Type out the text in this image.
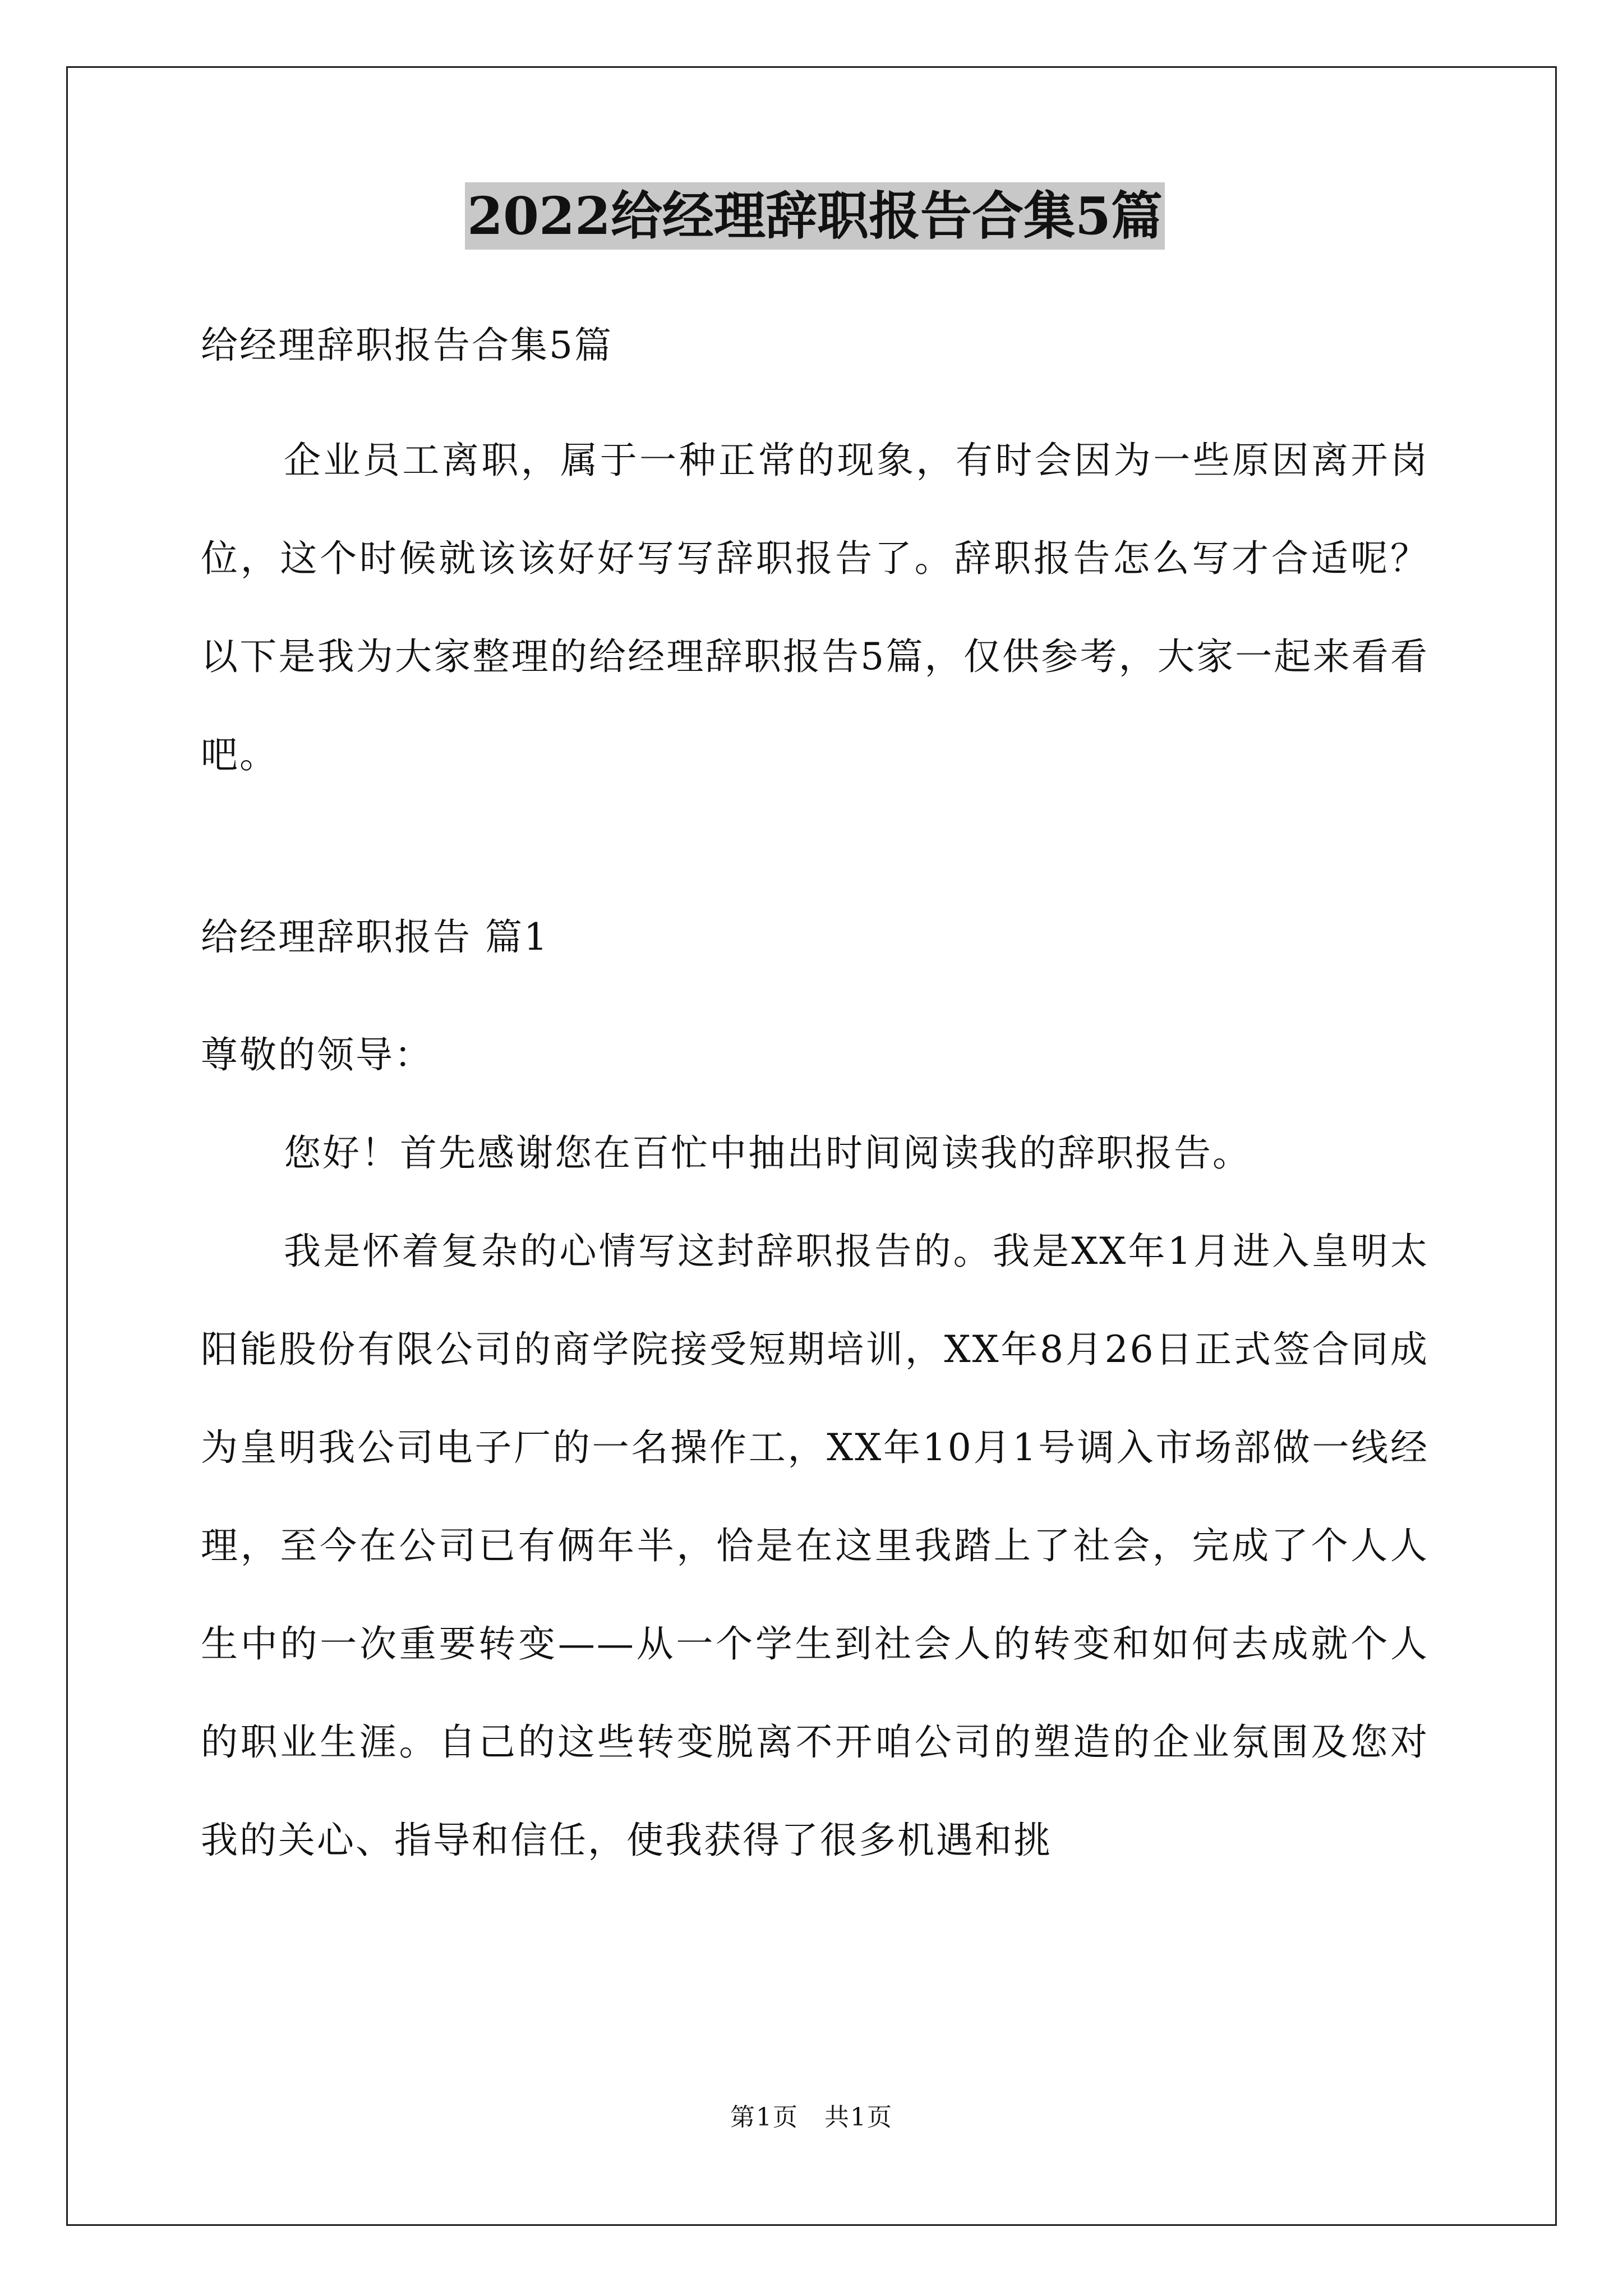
2022给经理辞职报告合集5篇

给经理辞职报告合集5篇

企业员工离职，属于一种正常的现象，有时会因为一些原因离开岗位，这个时候就该该好好写写辞职报告了。辞职报告怎么写才合适呢？以下是我为大家整理的给经理辞职报告5篇，仅供参考，大家一起来看看吧。

给经理辞职报告 篇1

尊敬的领导：

您好！首先感谢您在百忙中抽出时间阅读我的辞职报告。

我是怀着复杂的心情写这封辞职报告的。我是XX年1月进入皇明太阳能股份有限公司的商学院接受短期培训，XX年8月26日正式签合同成为皇明我公司电子厂的一名操作工，XX年10月1号调入市场部做一线经理，至今在公司已有俩年半，恰是在这里我踏上了社会，完成了个人人生中的一次重要转变——从一个学生到社会人的转变和如何去成就个人的职业生涯。自己的这些转变脱离不开咱公司的塑造的企业氛围及您对我的关心、指导和信任，使我获得了很多机遇和挑

第1页　共1页
